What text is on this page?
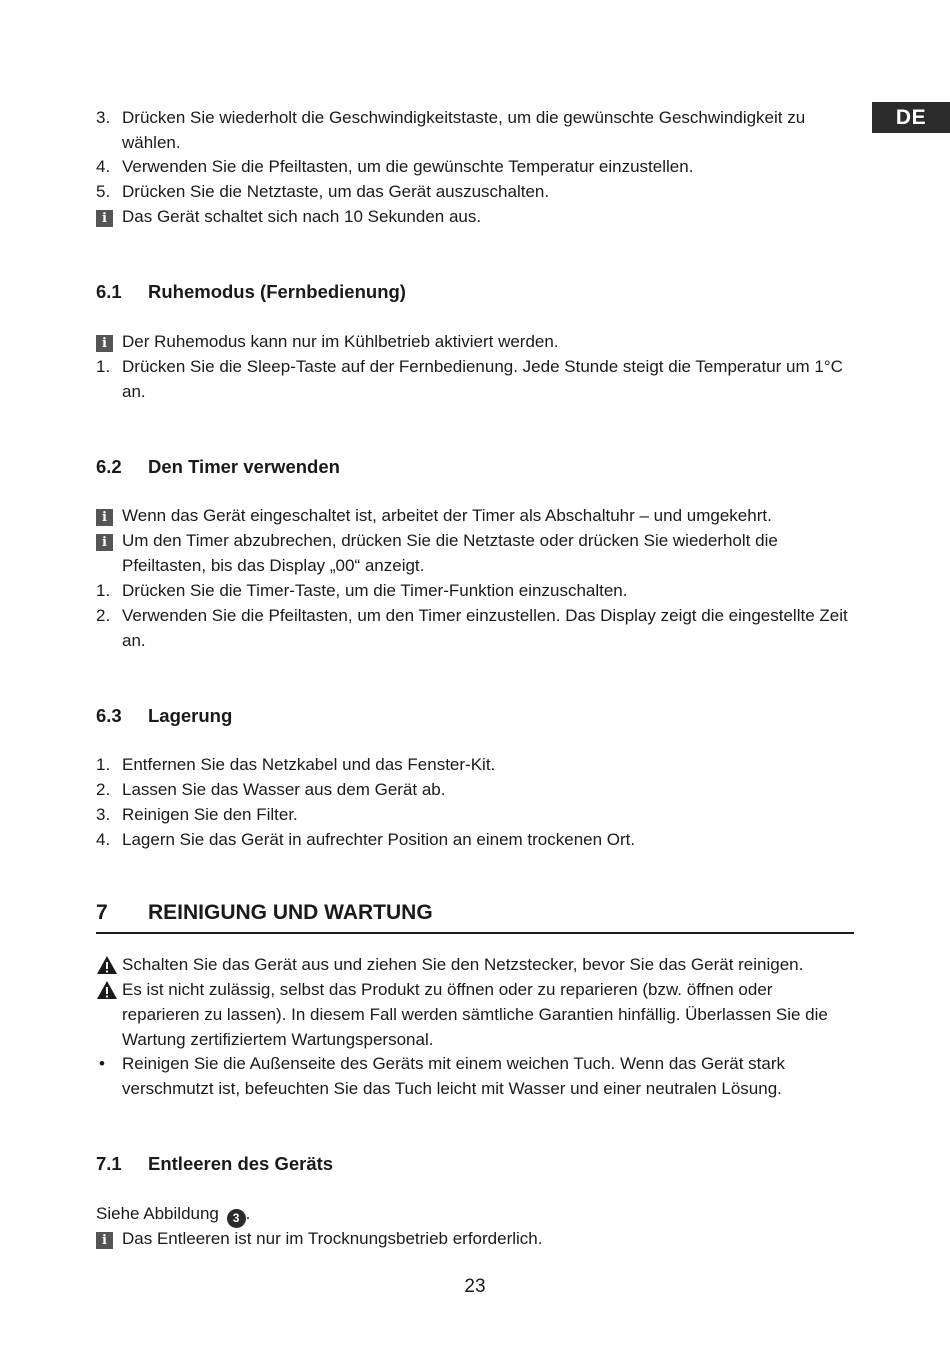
DE
3. Drücken Sie wiederholt die Geschwindigkeitstaste, um die gewünschte Geschwindigkeit zu wählen.
4. Verwenden Sie die Pfeiltasten, um die gewünschte Temperatur einzustellen.
5. Drücken Sie die Netztaste, um das Gerät auszuschalten.
i Das Gerät schaltet sich nach 10 Sekunden aus.
6.1 Ruhemodus (Fernbedienung)
i Der Ruhemodus kann nur im Kühlbetrieb aktiviert werden.
1. Drücken Sie die Sleep-Taste auf der Fernbedienung. Jede Stunde steigt die Temperatur um 1°C an.
6.2 Den Timer verwenden
i Wenn das Gerät eingeschaltet ist, arbeitet der Timer als Abschaltuhr – und umgekehrt.
i Um den Timer abzubrechen, drücken Sie die Netztaste oder drücken Sie wiederholt die Pfeiltasten, bis das Display „00“ anzeigt.
1. Drücken Sie die Timer-Taste, um die Timer-Funktion einzuschalten.
2. Verwenden Sie die Pfeiltasten, um den Timer einzustellen. Das Display zeigt die eingestellte Zeit an.
6.3 Lagerung
1. Entfernen Sie das Netzkabel und das Fenster-Kit.
2. Lassen Sie das Wasser aus dem Gerät ab.
3. Reinigen Sie den Filter.
4. Lagern Sie das Gerät in aufrechter Position an einem trockenen Ort.
7 REINIGUNG UND WARTUNG
Schalten Sie das Gerät aus und ziehen Sie den Netzstecker, bevor Sie das Gerät reinigen.
Es ist nicht zulässig, selbst das Produkt zu öffnen oder zu reparieren (bzw. öffnen oder reparieren zu lassen). In diesem Fall werden sämtliche Garantien hinfällig. Überlassen Sie die Wartung zertifiziertem Wartungspersonal.
•	Reinigen Sie die Außenseite des Geräts mit einem weichen Tuch. Wenn das Gerät stark verschmutzt ist, befeuchten Sie das Tuch leicht mit Wasser und einer neutralen Lösung.
7.1 Entleeren des Geräts
Siehe Abbildung 3 .
i Das Entleeren ist nur im Trocknungsbetrieb erforderlich.
23
